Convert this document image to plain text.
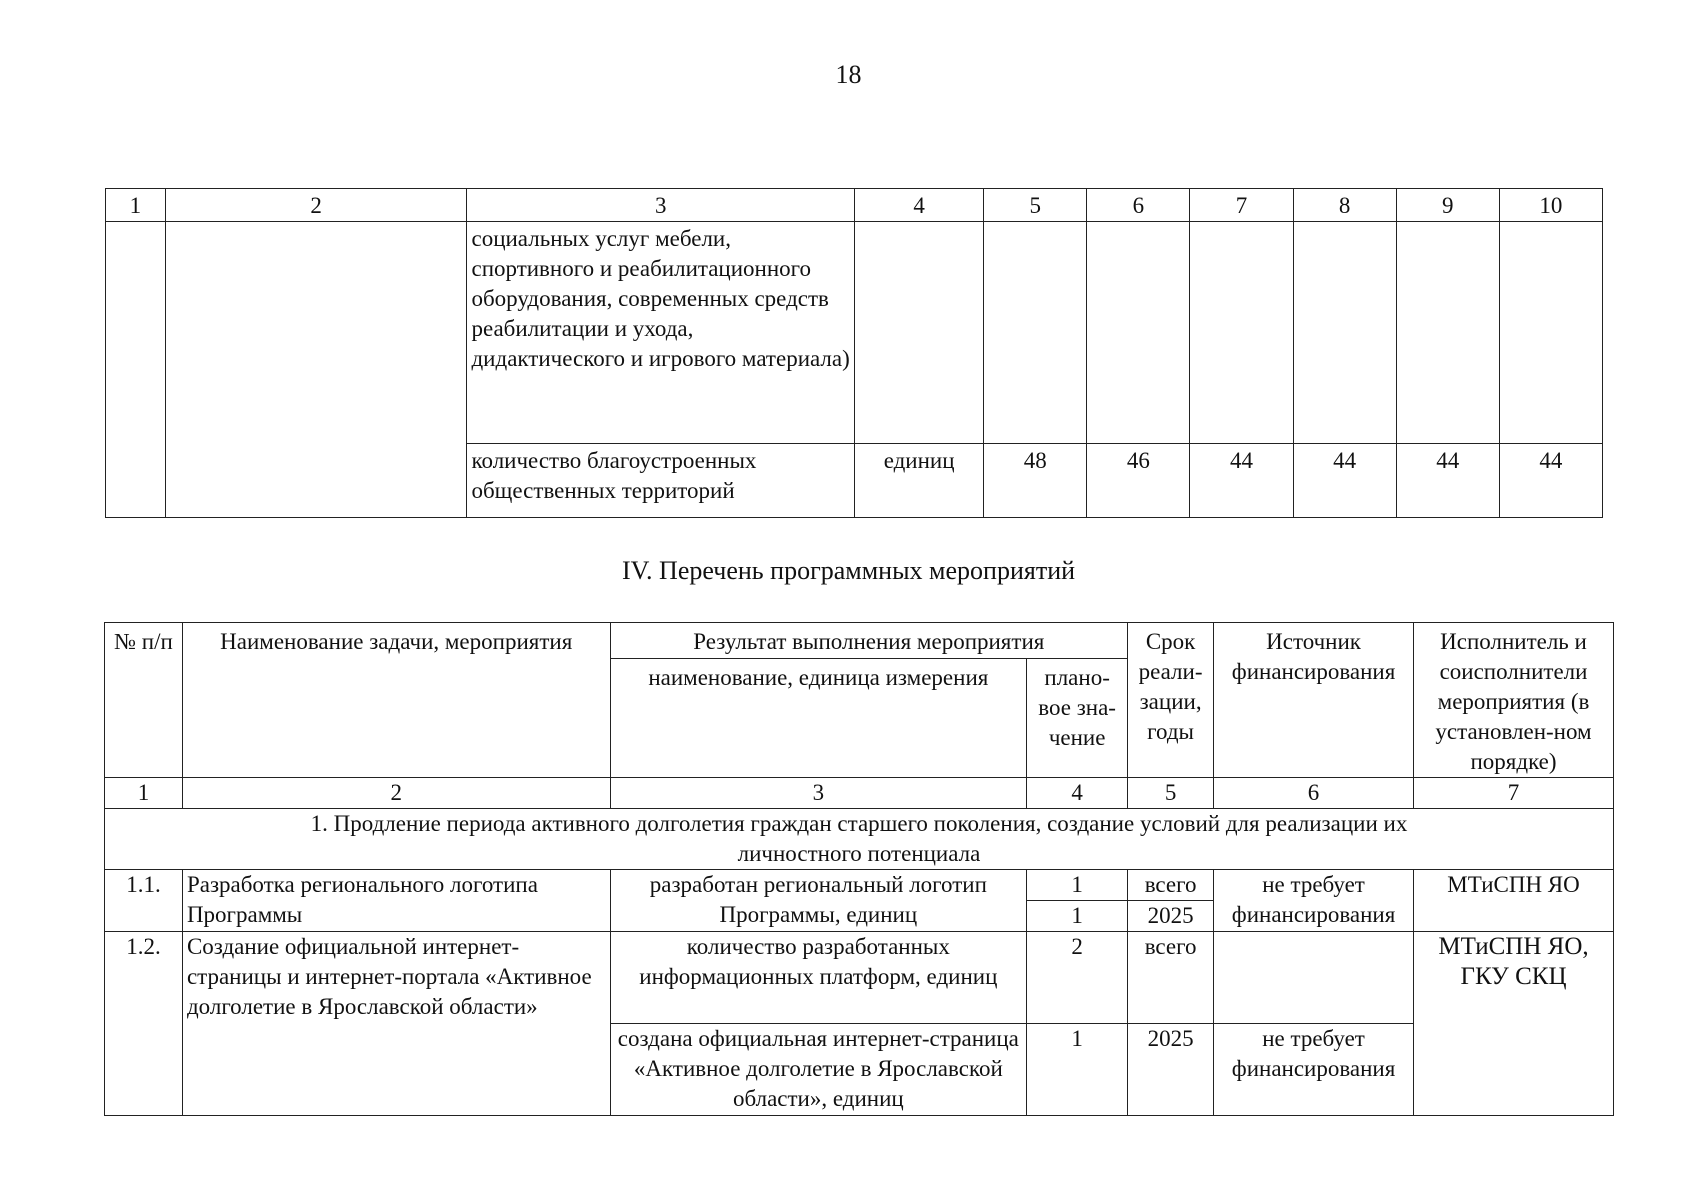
18
1	2	3	4	5	6	7	8	9	10
		социальных услуг мебели, спортивного и реабилитационного оборудования, современных средств реабилитации и ухода, дидактического и игрового материала)							
		количество благоустроенных общественных территорий	единиц	48	46	44	44	44	44
IV. Перечень программных мероприятий
№ п/п	Наименование задачи, мероприятия	Результат выполнения мероприятия		Срок реали-зации, годы	Источник финансирования	Исполнитель и соисполнители мероприятия (в установлен-ном порядке)
		наименование, единица измерения	плано-вое зна-чение			
1	2	3	4	5	6	7
1. Продление периода активного долголетия граждан старшего поколения, создание условий для реализации их личностного потенциала						
1.1.	Разработка регионального логотипа Программы	разработан региональный логотип Программы, единиц	1	всего	не требует финансирования	МТиСПН ЯО
			1	2025		
1.2.	Создание официальной интернет-страницы и интернет-портала «Активное долголетие в Ярославской области»	количество разработанных информационных платформ, единиц	2	всего		МТиСПН ЯО, ГКУ СКЦ
		создана официальная интернет-страница «Активное долголетие в Ярославской области», единиц	1	2025	не требует финансирования	
